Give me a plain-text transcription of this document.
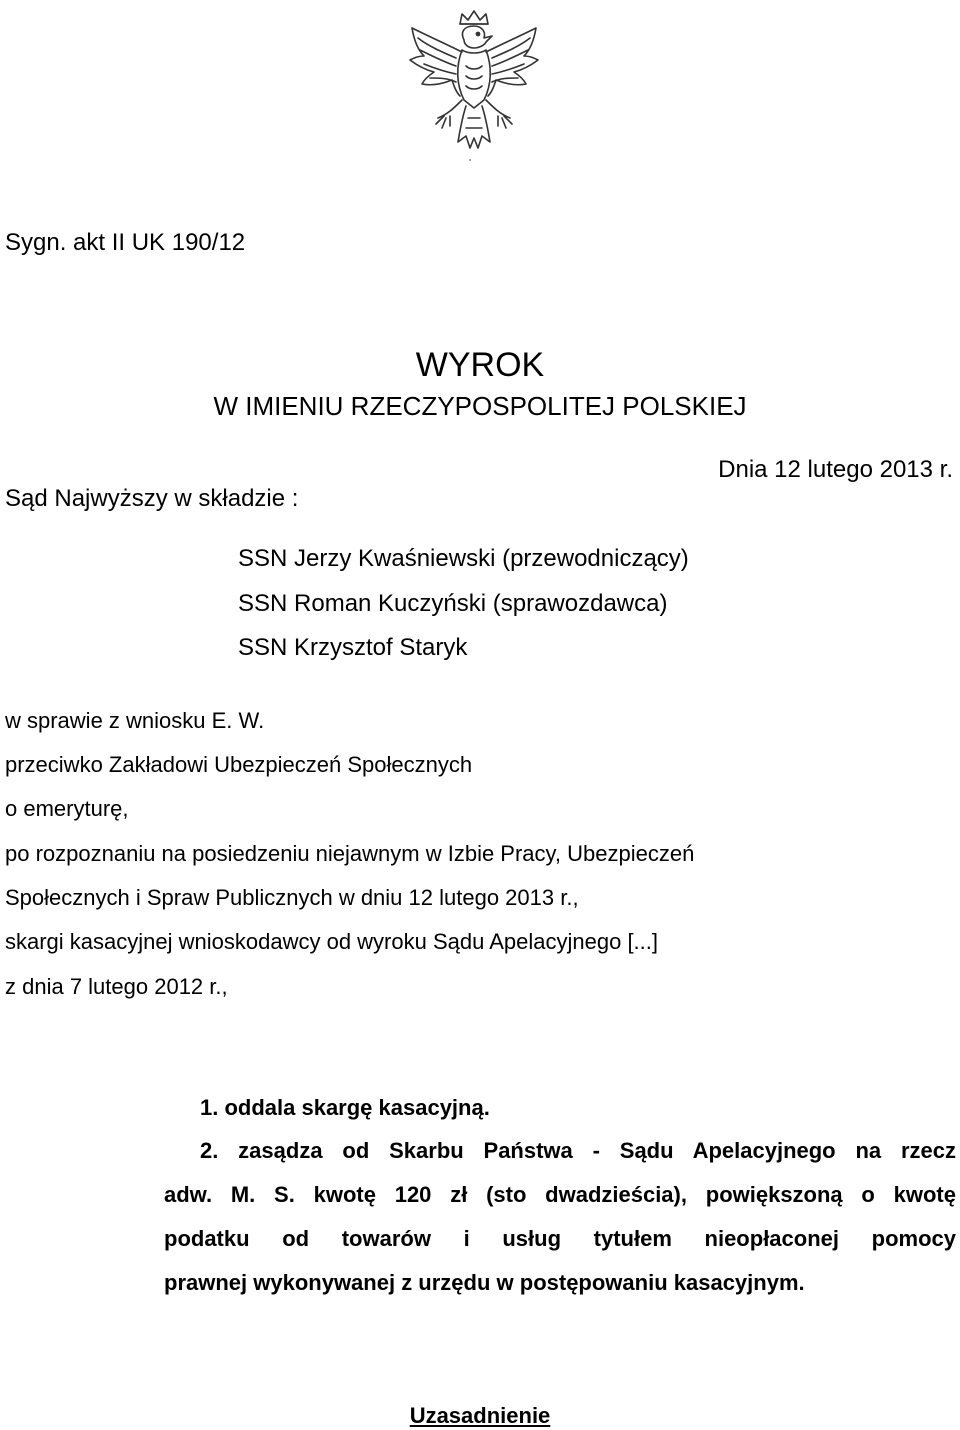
Sygn. akt II UK 190/12
WYROK
W IMIENIU RZECZYPOSPOLITEJ POLSKIEJ
Dnia 12 lutego 2013 r.
Sąd Najwyższy w składzie :
SSN Jerzy Kwaśniewski (przewodniczący)
SSN Roman Kuczyński (sprawozdawca)
SSN Krzysztof Staryk
w sprawie z wniosku E. W.
przeciwko Zakładowi Ubezpieczeń Społecznych
o emeryturę,
po rozpoznaniu na posiedzeniu niejawnym w Izbie Pracy, Ubezpieczeń
Społecznych i Spraw Publicznych w dniu 12 lutego 2013 r.,
skargi kasacyjnej wnioskodawcy od wyroku Sądu Apelacyjnego [...]
z dnia 7 lutego 2012 r.,
1. oddala skargę kasacyjną.
2. zasądza od Skarbu Państwa - Sądu Apelacyjnego na rzecz
adw. M. S. kwotę 120 zł (sto dwadzieścia), powiększoną o kwotę
podatku od towarów i usług tytułem nieopłaconej pomocy
prawnej wykonywanej z urzędu w postępowaniu kasacyjnym.
Uzasadnienie
